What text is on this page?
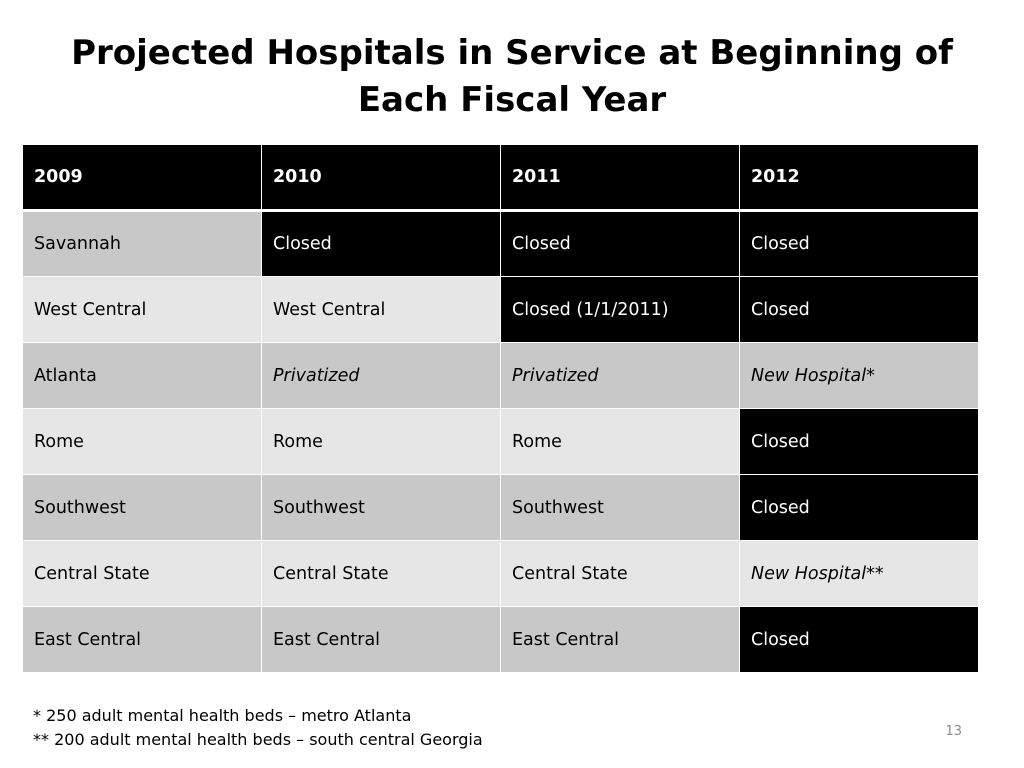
Projected Hospitals in Service at Beginning of
Each Fiscal Year
2009	2010	2011	2012
Savannah	Closed	Closed	Closed
West Central	West Central	Closed (1/1/2011)	Closed
Atlanta	Privatized	Privatized	New Hospital*
Rome	Rome	Rome	Closed
Southwest	Southwest	Southwest	Closed
Central State	Central State	Central State	New Hospital**
East Central	East Central	East Central	Closed
* 250 adult mental health beds – metro Atlanta
** 200 adult mental health beds – south central Georgia	13
